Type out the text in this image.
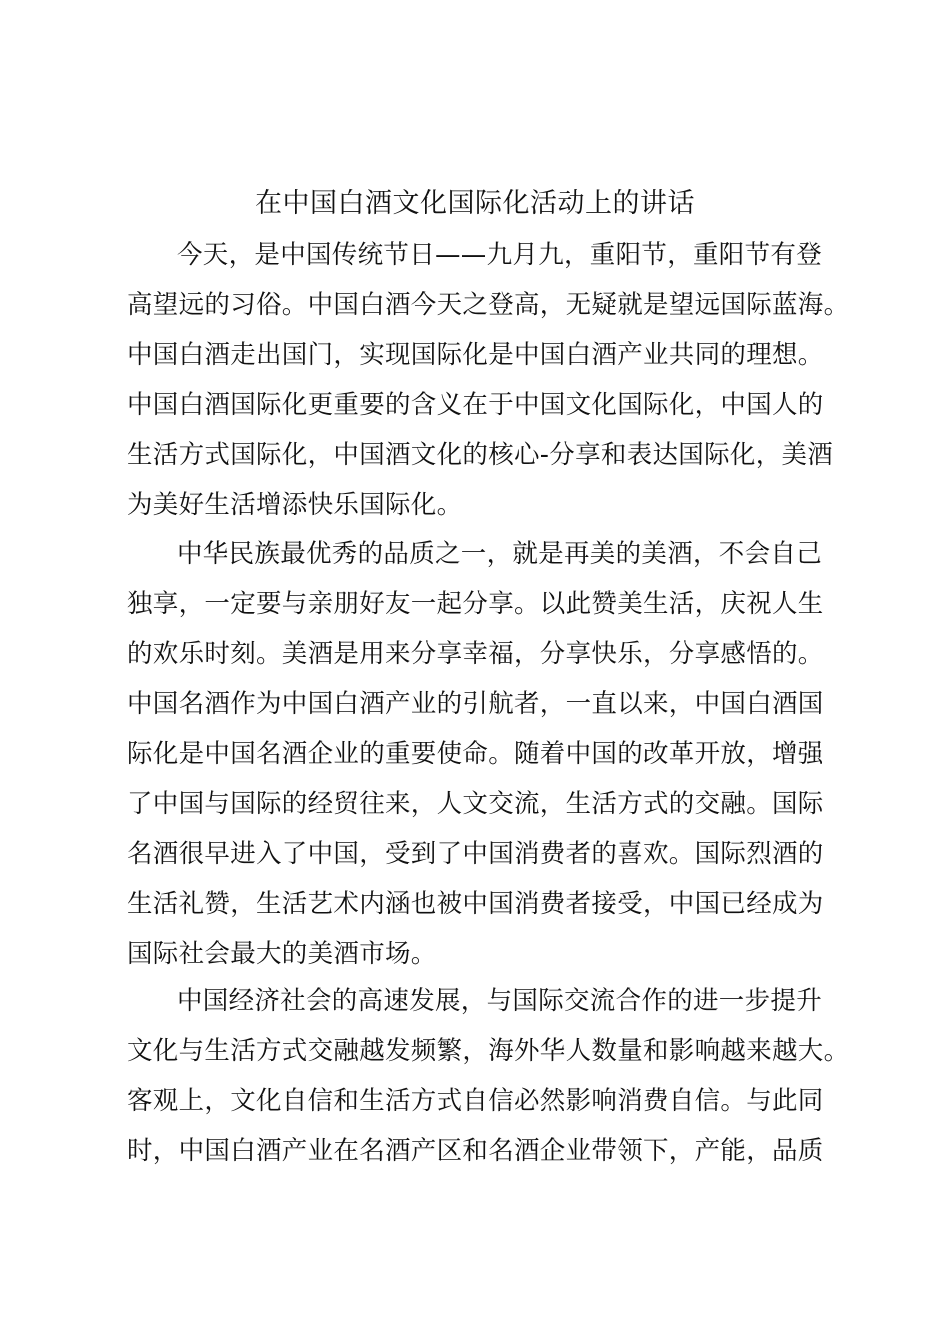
在中国白酒文化国际化活动上的讲话
今天，是中国传统节日——九月九，重阳节，重阳节有登
高望远的习俗。中国白酒今天之登高，无疑就是望远国际蓝海。
中国白酒走出国门，实现国际化是中国白酒产业共同的理想。
中国白酒国际化更重要的含义在于中国文化国际化，中国人的
生活方式国际化，中国酒文化的核心-分享和表达国际化，美酒
为美好生活增添快乐国际化。
中华民族最优秀的品质之一，就是再美的美酒，不会自己
独享，一定要与亲朋好友一起分享。以此赞美生活，庆祝人生
的欢乐时刻。美酒是用来分享幸福，分享快乐，分享感悟的。
中国名酒作为中国白酒产业的引航者，一直以来，中国白酒国
际化是中国名酒企业的重要使命。随着中国的改革开放，增强
了中国与国际的经贸往来，人文交流，生活方式的交融。国际
名酒很早进入了中国，受到了中国消费者的喜欢。国际烈酒的
生活礼赞，生活艺术内涵也被中国消费者接受，中国已经成为
国际社会最大的美酒市场。
中国经济社会的高速发展，与国际交流合作的进一步提升
文化与生活方式交融越发频繁，海外华人数量和影响越来越大。
客观上，文化自信和生活方式自信必然影响消费自信。与此同
时，中国白酒产业在名酒产区和名酒企业带领下，产能，品质
